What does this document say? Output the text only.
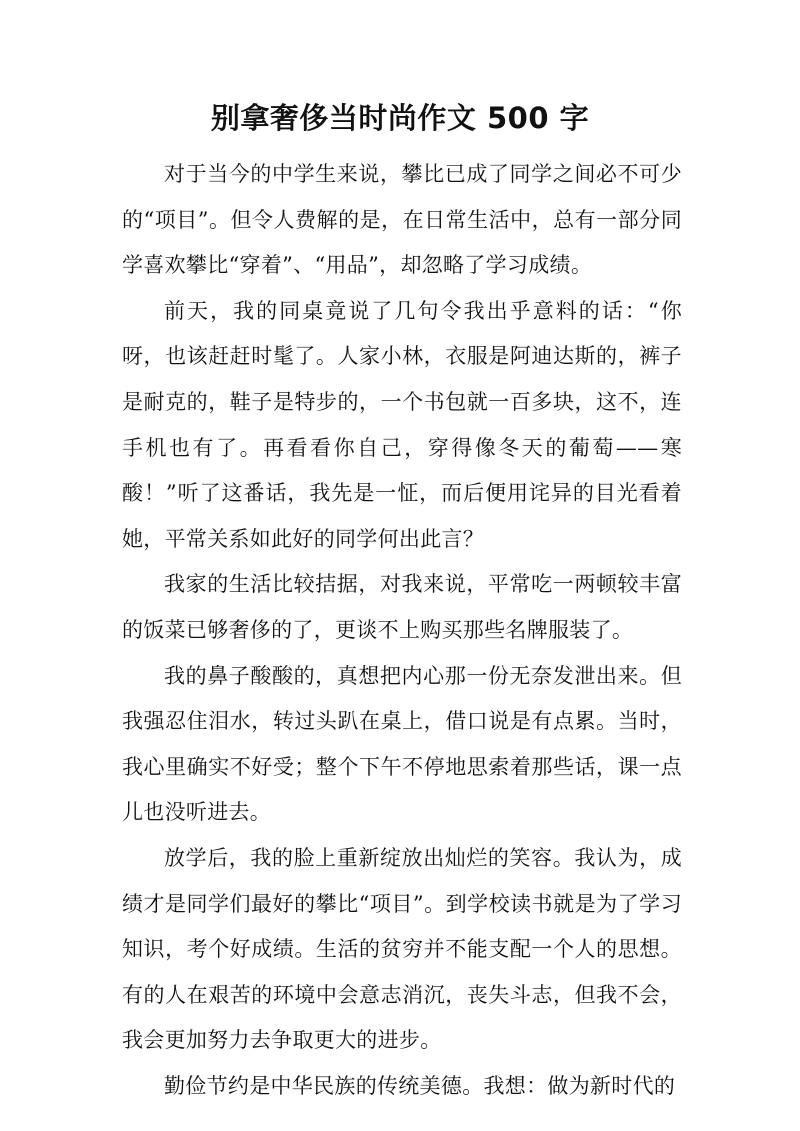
别拿奢侈当时尚作文 500 字

对于当今的中学生来说，攀比已成了同学之间必不可少的“项目”。但令人费解的是，在日常生活中，总有一部分同学喜欢攀比“穿着”、“用品”，却忽略了学习成绩。

前天，我的同桌竟说了几句令我出乎意料的话：“你呀，也该赶赶时髦了。人家小林，衣服是阿迪达斯的，裤子是耐克的，鞋子是特步的，一个书包就一百多块，这不，连手机也有了。再看看你自己，穿得像冬天的葡萄——寒酸！”听了这番话，我先是一怔，而后便用诧异的目光看着她，平常关系如此好的同学何出此言？

我家的生活比较拮据，对我来说，平常吃一两顿较丰富的饭菜已够奢侈的了，更谈不上购买那些名牌服装了。

我的鼻子酸酸的，真想把内心那一份无奈发泄出来。但我强忍住泪水，转过头趴在桌上，借口说是有点累。当时，我心里确实不好受；整个下午不停地思索着那些话，课一点儿也没听进去。

放学后，我的脸上重新绽放出灿烂的笑容。我认为，成绩才是同学们最好的攀比“项目”。到学校读书就是为了学习知识，考个好成绩。生活的贫穷并不能支配一个人的思想。有的人在艰苦的环境中会意志消沉，丧失斗志，但我不会，我会更加努力去争取更大的进步。

勤俭节约是中华民族的传统美德。我想：做为新时代的
